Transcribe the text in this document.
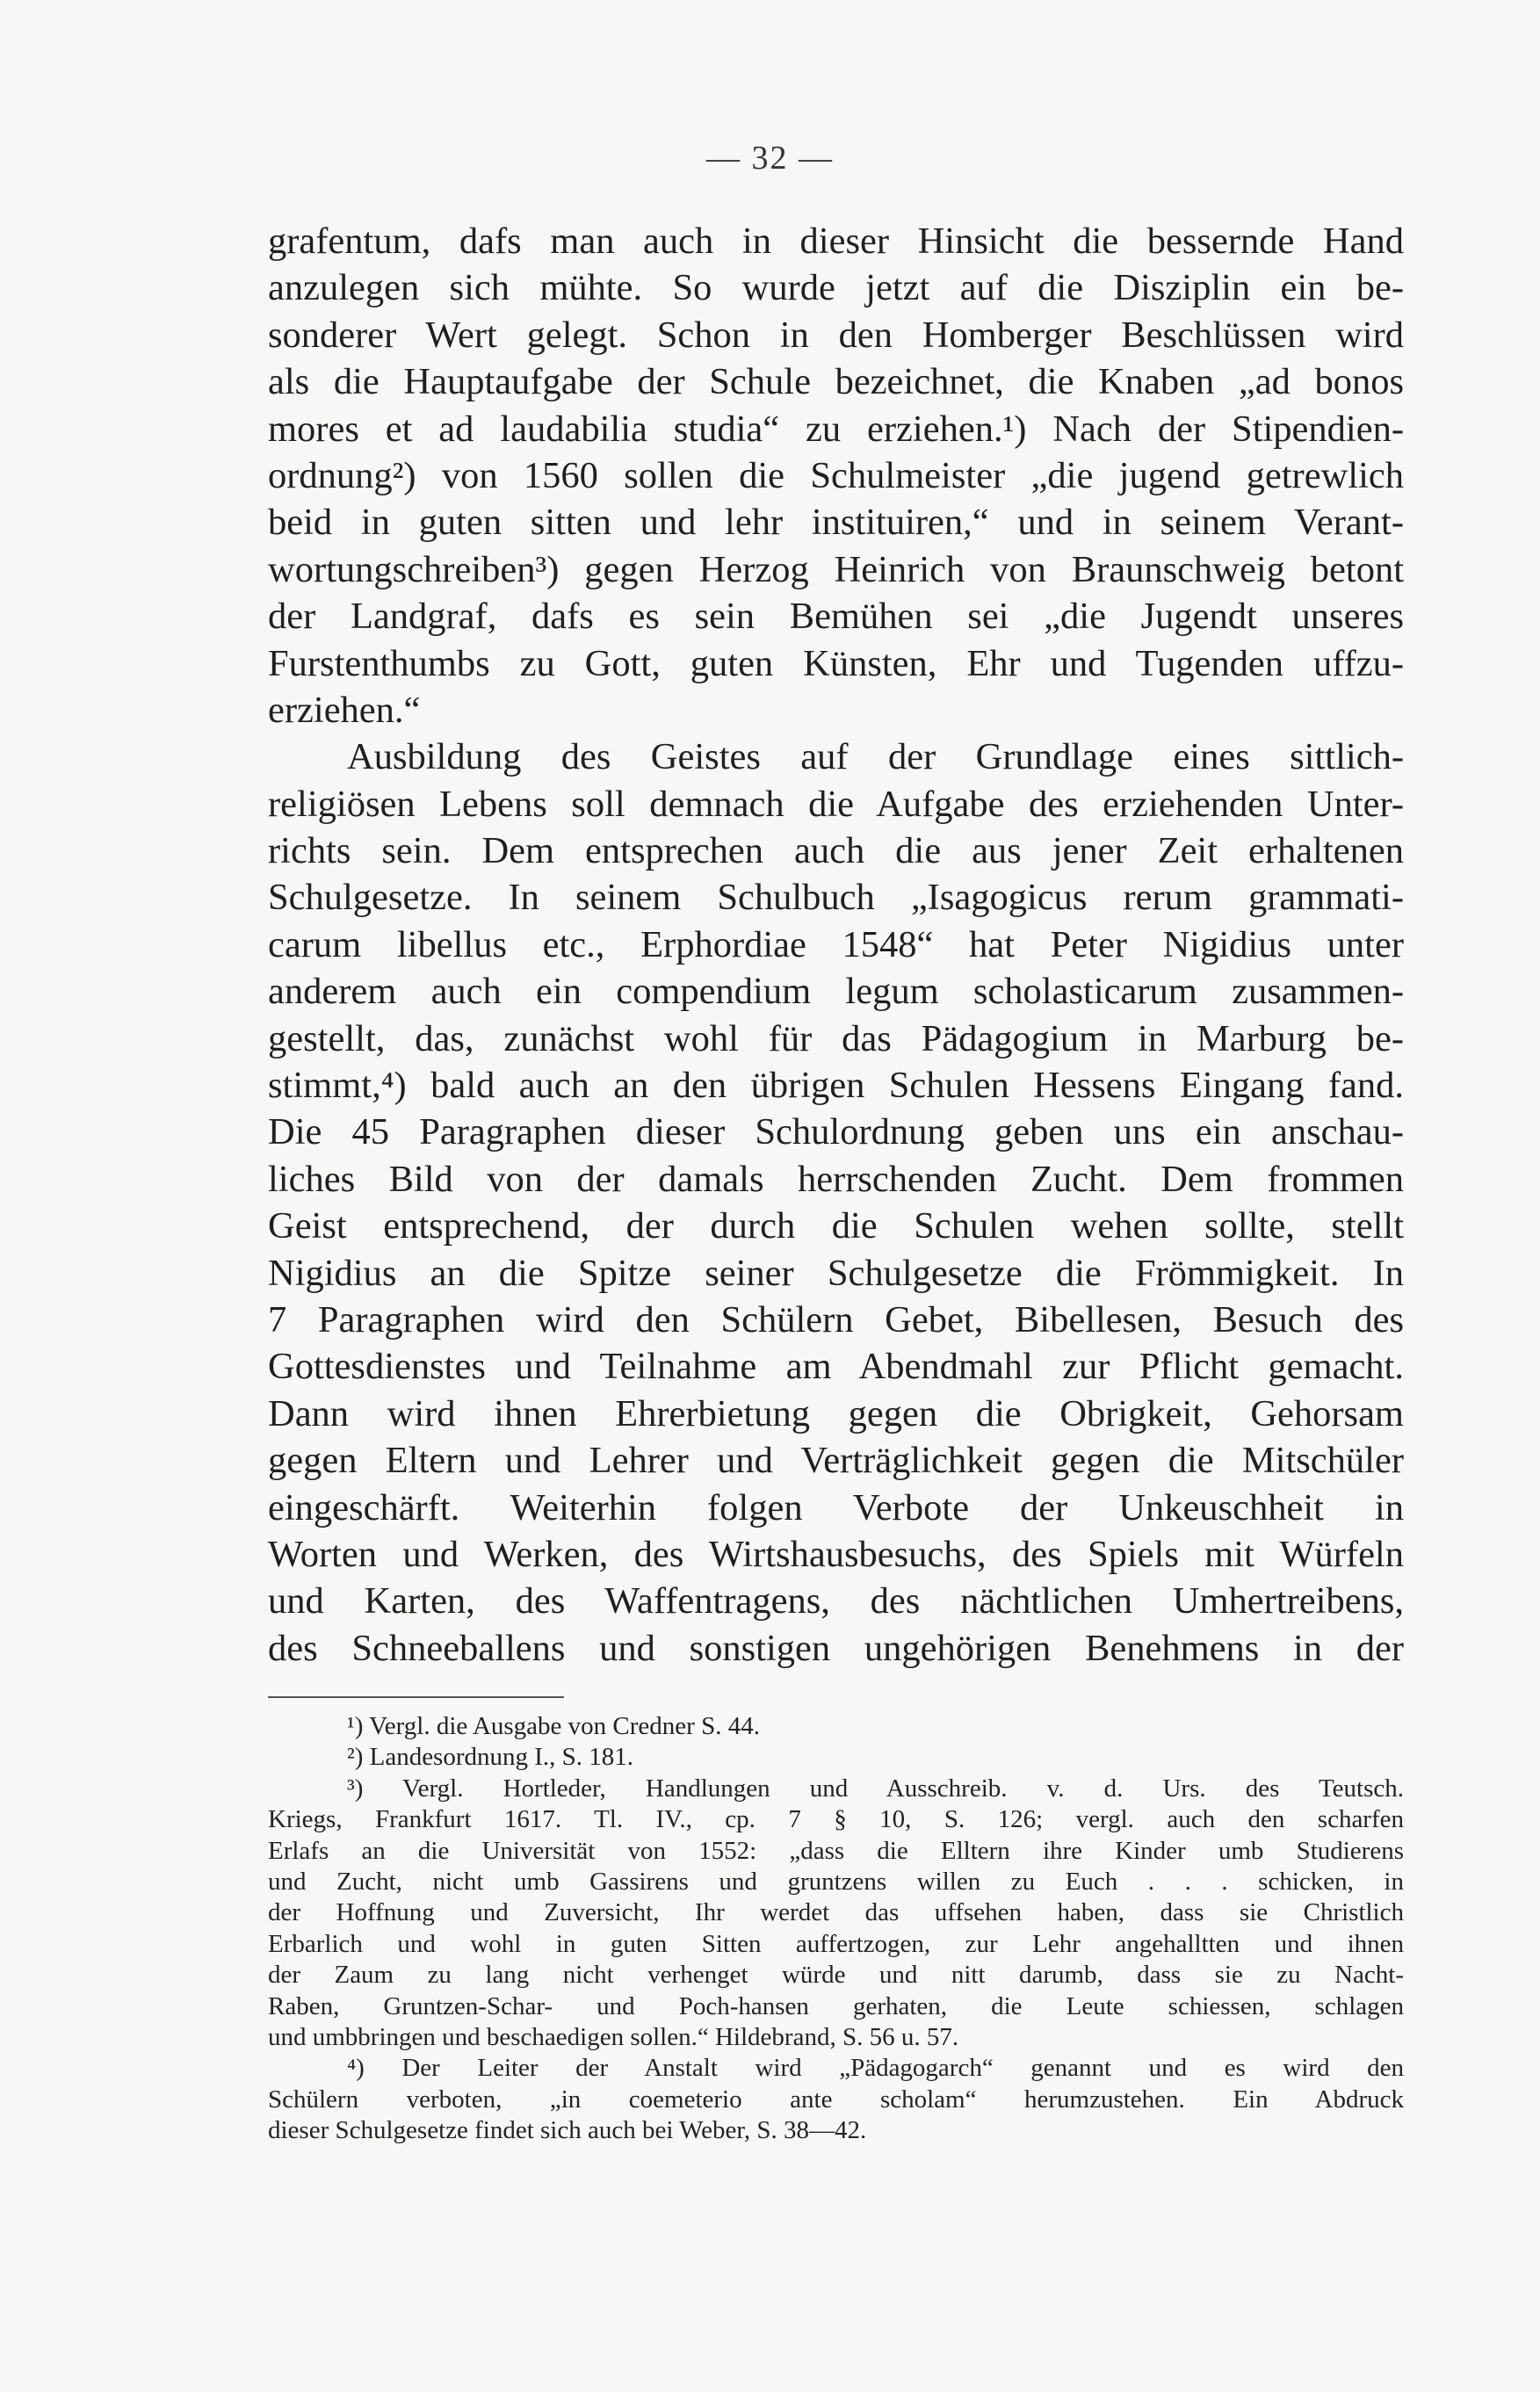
— 32 —
grafentum, dafs man auch in dieser Hinsicht die bessernde Hand
anzulegen sich mühte. So wurde jetzt auf die Disziplin ein be-
sonderer Wert gelegt. Schon in den Homberger Beschlüssen wird
als die Hauptaufgabe der Schule bezeichnet, die Knaben „ad bonos
mores et ad laudabilia studia“ zu erziehen.¹) Nach der Stipendien-
ordnung²) von 1560 sollen die Schulmeister „die jugend getrewlich
beid in guten sitten und lehr instituiren,“ und in seinem Verant-
wortungschreiben³) gegen Herzog Heinrich von Braunschweig betont
der Landgraf, dafs es sein Bemühen sei „die Jugendt unseres
Furstenthumbs zu Gott, guten Künsten, Ehr und Tugenden uffzu-
erziehen.“
Ausbildung des Geistes auf der Grundlage eines sittlich-
religiösen Lebens soll demnach die Aufgabe des erziehenden Unter-
richts sein. Dem entsprechen auch die aus jener Zeit erhaltenen
Schulgesetze. In seinem Schulbuch „Isagogicus rerum grammati-
carum libellus etc., Erphordiae 1548“ hat Peter Nigidius unter
anderem auch ein compendium legum scholasticarum zusammen-
gestellt, das, zunächst wohl für das Pädagogium in Marburg be-
stimmt,⁴) bald auch an den übrigen Schulen Hessens Eingang fand.
Die 45 Paragraphen dieser Schulordnung geben uns ein anschau-
liches Bild von der damals herrschenden Zucht. Dem frommen
Geist entsprechend, der durch die Schulen wehen sollte, stellt
Nigidius an die Spitze seiner Schulgesetze die Frömmigkeit. In
7 Paragraphen wird den Schülern Gebet, Bibellesen, Besuch des
Gottesdienstes und Teilnahme am Abendmahl zur Pflicht gemacht.
Dann wird ihnen Ehrerbietung gegen die Obrigkeit, Gehorsam
gegen Eltern und Lehrer und Verträglichkeit gegen die Mitschüler
eingeschärft. Weiterhin folgen Verbote der Unkeuschheit in
Worten und Werken, des Wirtshausbesuchs, des Spiels mit Würfeln
und Karten, des Waffentragens, des nächtlichen Umhertreibens,
des Schneeballens und sonstigen ungehörigen Benehmens in der
¹) Vergl. die Ausgabe von Credner S. 44.
²) Landesordnung I., S. 181.
³) Vergl. Hortleder, Handlungen und Ausschreib. v. d. Urs. des Teutsch.
Kriegs, Frankfurt 1617. Tl. IV., cp. 7 § 10, S. 126; vergl. auch den scharfen
Erlafs an die Universität von 1552: „dass die Elltern ihre Kinder umb Studierens
und Zucht, nicht umb Gassirens und gruntzens willen zu Euch . . . schicken, in
der Hoffnung und Zuversicht, Ihr werdet das uffsehen haben, dass sie Christlich
Erbarlich und wohl in guten Sitten auffertzogen, zur Lehr angehalltten und ihnen
der Zaum zu lang nicht verhenget würde und nitt darumb, dass sie zu Nacht-
Raben, Gruntzen-Schar- und Poch-hansen gerhaten, die Leute schiessen, schlagen
und umbbringen und beschaedigen sollen.“ Hildebrand, S. 56 u. 57.
⁴) Der Leiter der Anstalt wird „Pädagogarch“ genannt und es wird den
Schülern verboten, „in coemeterio ante scholam“ herumzustehen. Ein Abdruck
dieser Schulgesetze findet sich auch bei Weber, S. 38—42.
